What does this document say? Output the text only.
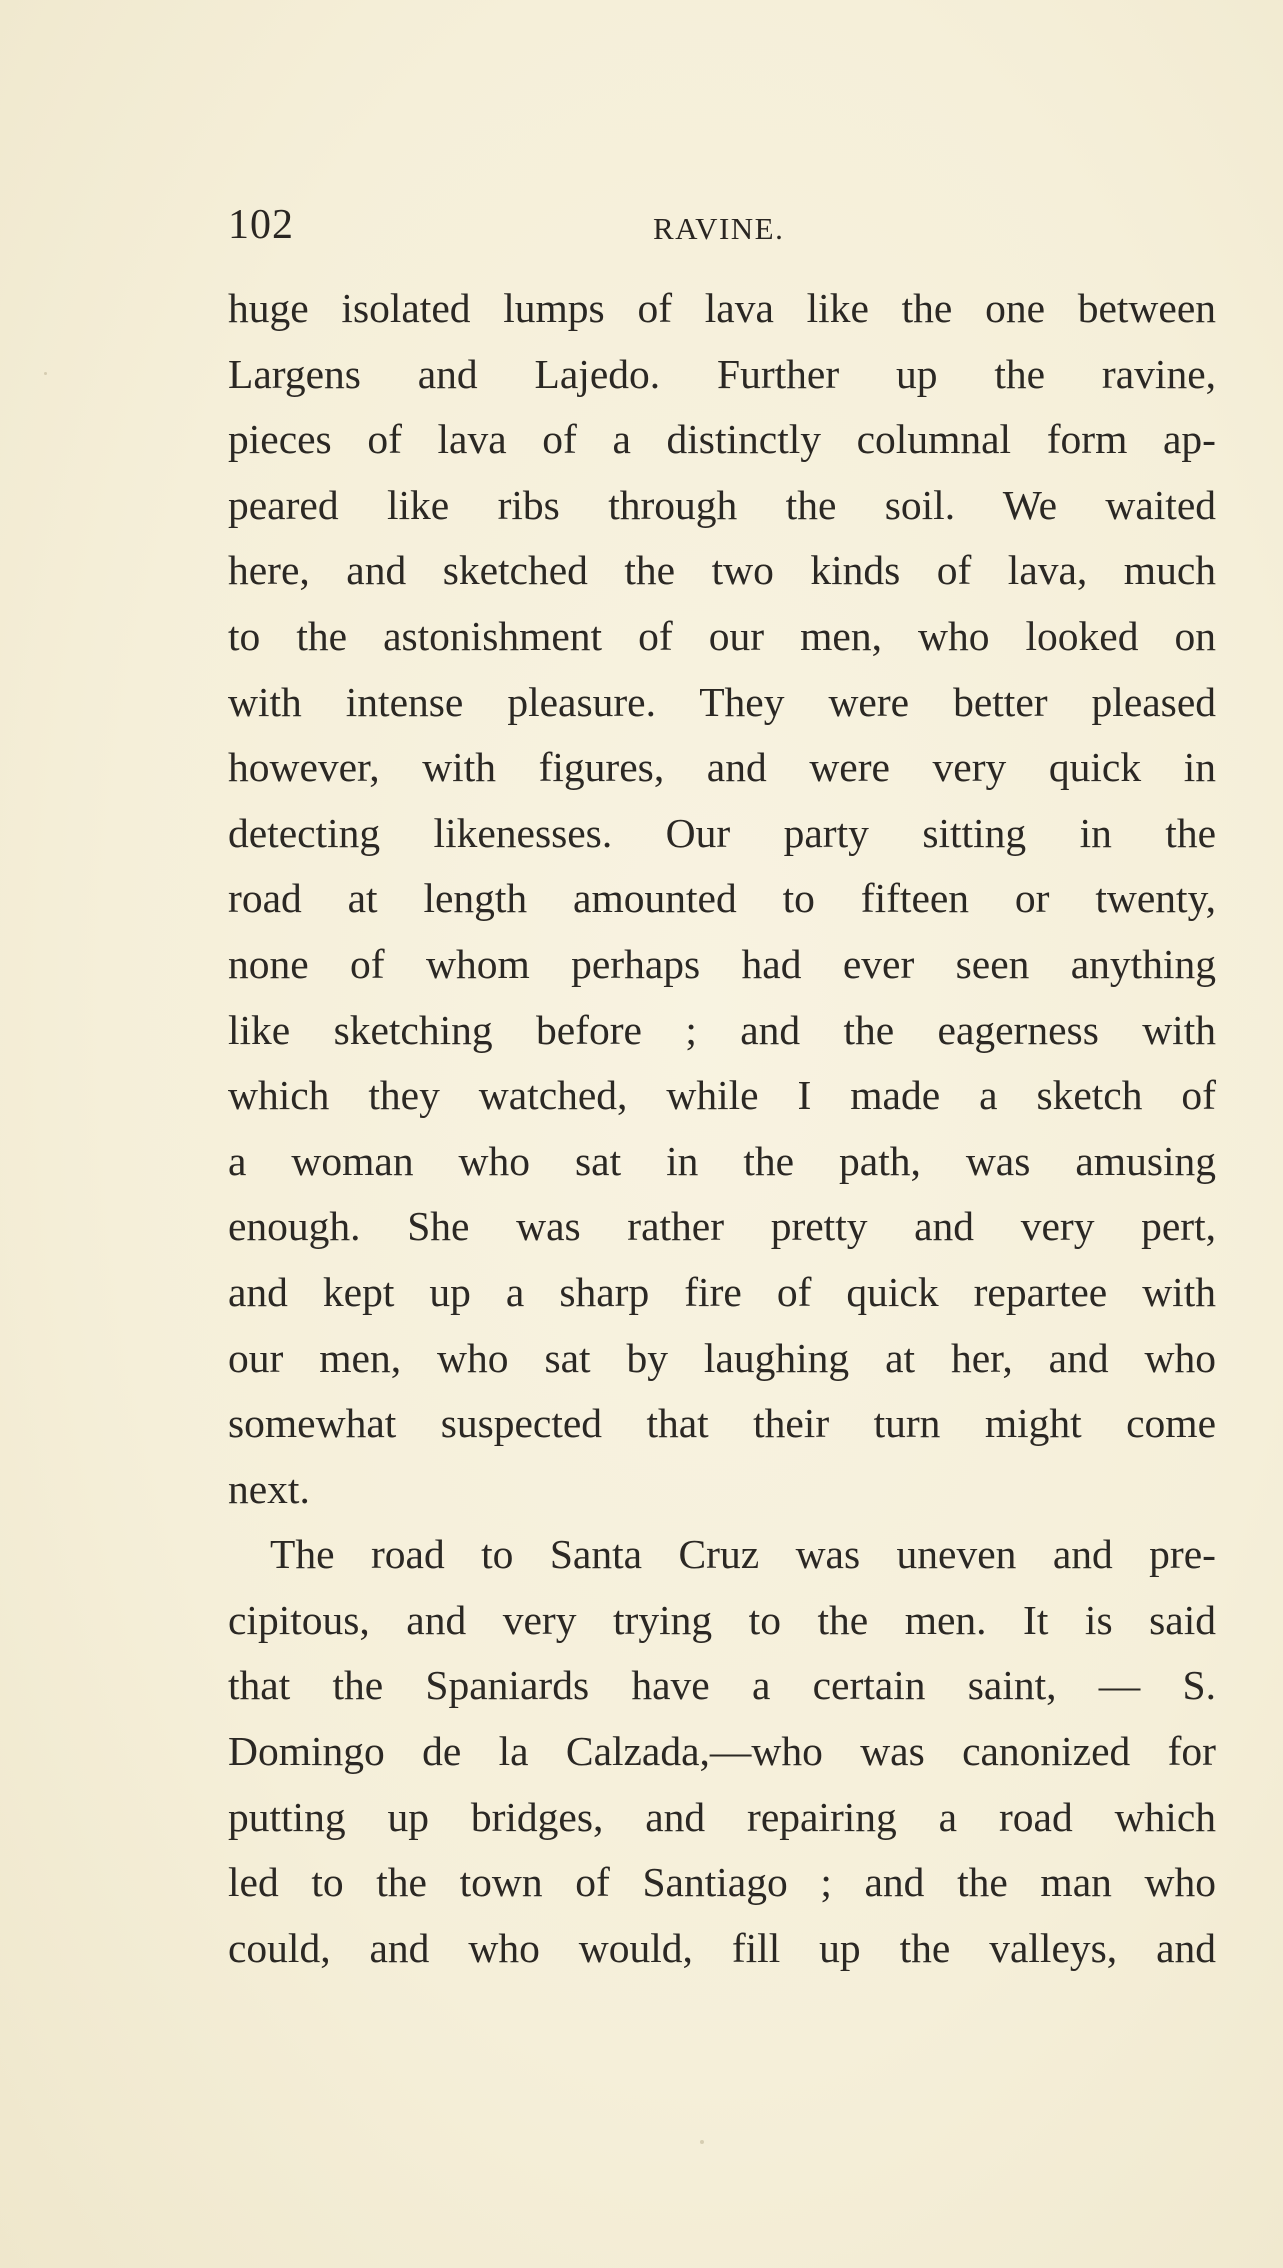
102	RAVINE.
huge isolated lumps of lava like the one between
Largens and Lajedo. Further up the ravine,
pieces of lava of a distinctly columnal form ap-
peared like ribs through the soil. We waited
here, and sketched the two kinds of lava, much
to the astonishment of our men, who looked on
with intense pleasure. They were better pleased
however, with figures, and were very quick in
detecting likenesses. Our party sitting in the
road at length amounted to fifteen or twenty,
none of whom perhaps had ever seen anything
like sketching before ; and the eagerness with
which they watched, while I made a sketch of
a woman who sat in the path, was amusing
enough. She was rather pretty and very pert,
and kept up a sharp fire of quick repartee with
our men, who sat by laughing at her, and who
somewhat suspected that their turn might come
next.
The road to Santa Cruz was uneven and pre-
cipitous, and very trying to the men. It is said
that the Spaniards have a certain saint, — S.
Domingo de la Calzada,—who was canonized for
putting up bridges, and repairing a road which
led to the town of Santiago ; and the man who
could, and who would, fill up the valleys, and
